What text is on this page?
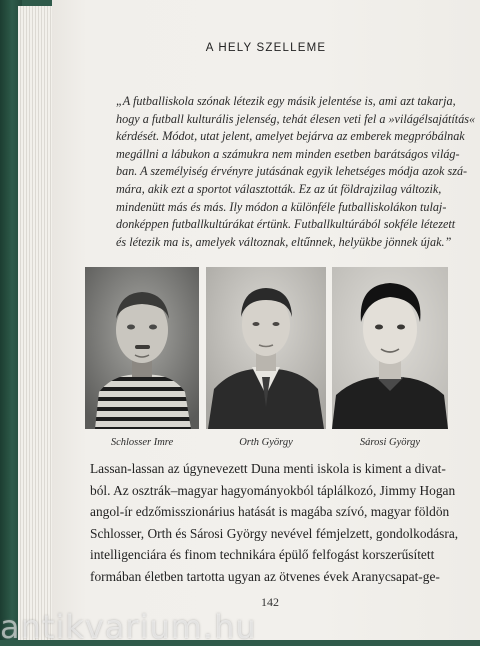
A HELY SZELLEME
„A futballiskola szónak létezik egy másik jelentése is, ami azt takarja,
hogy a futball kulturális jelenség, tehát élesen veti fel a »világélsajátítás«
kérdését. Módot, utat jelent, amelyet bejárva az emberek megpróbálnak
megállni a lábukon a számukra nem minden esetben barátságos világ-
ban. A személyiség érvényre jutásának egyik lehetséges módja azok szá-
mára, akik ezt a sportot választották. Ez az út földrajzilag változik,
mindenütt más és más. Ily módon a különféle futballiskolákon tulaj-
donképpen futballkultúrákat értünk. Futballkultúrából sokféle létezett
és létezik ma is, amelyek változnak, eltűnnek, helyükbe jönnek újak.”
Schlosser Imre	Orth György	Sárosi György
Lassan-lassan az úgynevezett Duna menti iskola is kiment a divat-
ból. Az osztrák–magyar hagyományokból táplálkozó, Jimmy Hogan
angol-ír edzőmisszionárius hatását is magába szívó, magyar földön
Schlosser, Orth és Sárosi György nevével fémjelzett, gondolkodásra,
intelligenciára és finom technikára épülő felfogást korszerűsített
formában életben tartotta ugyan az ötvenes évek Aranycsapat-ge-
142
antikvarium.hu
